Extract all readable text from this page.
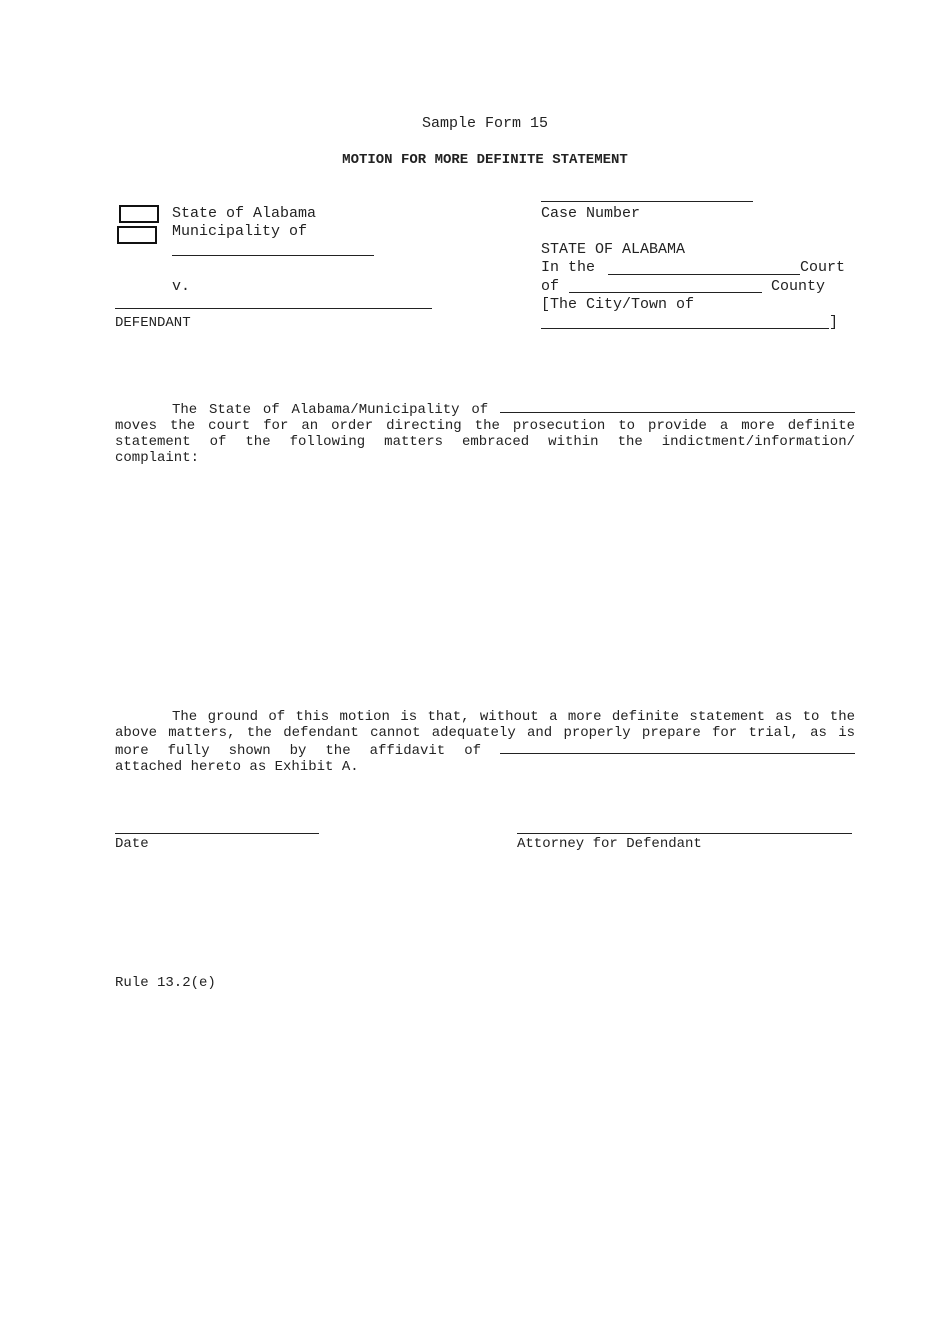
Sample Form 15
MOTION FOR MORE DEFINITE STATEMENT
State of Alabama
Municipality of
v.
DEFENDANT
Case Number
STATE OF ALABAMA
In the	Court
of	County
[The City/Town of
]
The State of Alabama/Municipality of  moves the court for an order directing the prosecution to provide a more definite statement of the following matters embraced within the indictment/information/ complaint:
The ground of this motion is that, without a more definite statement as to the above matters, the defendant cannot adequately and properly prepare for trial, as is more fully shown by the affidavit of  attached hereto as Exhibit A.
Date	Attorney for Defendant
Rule 13.2(e)
